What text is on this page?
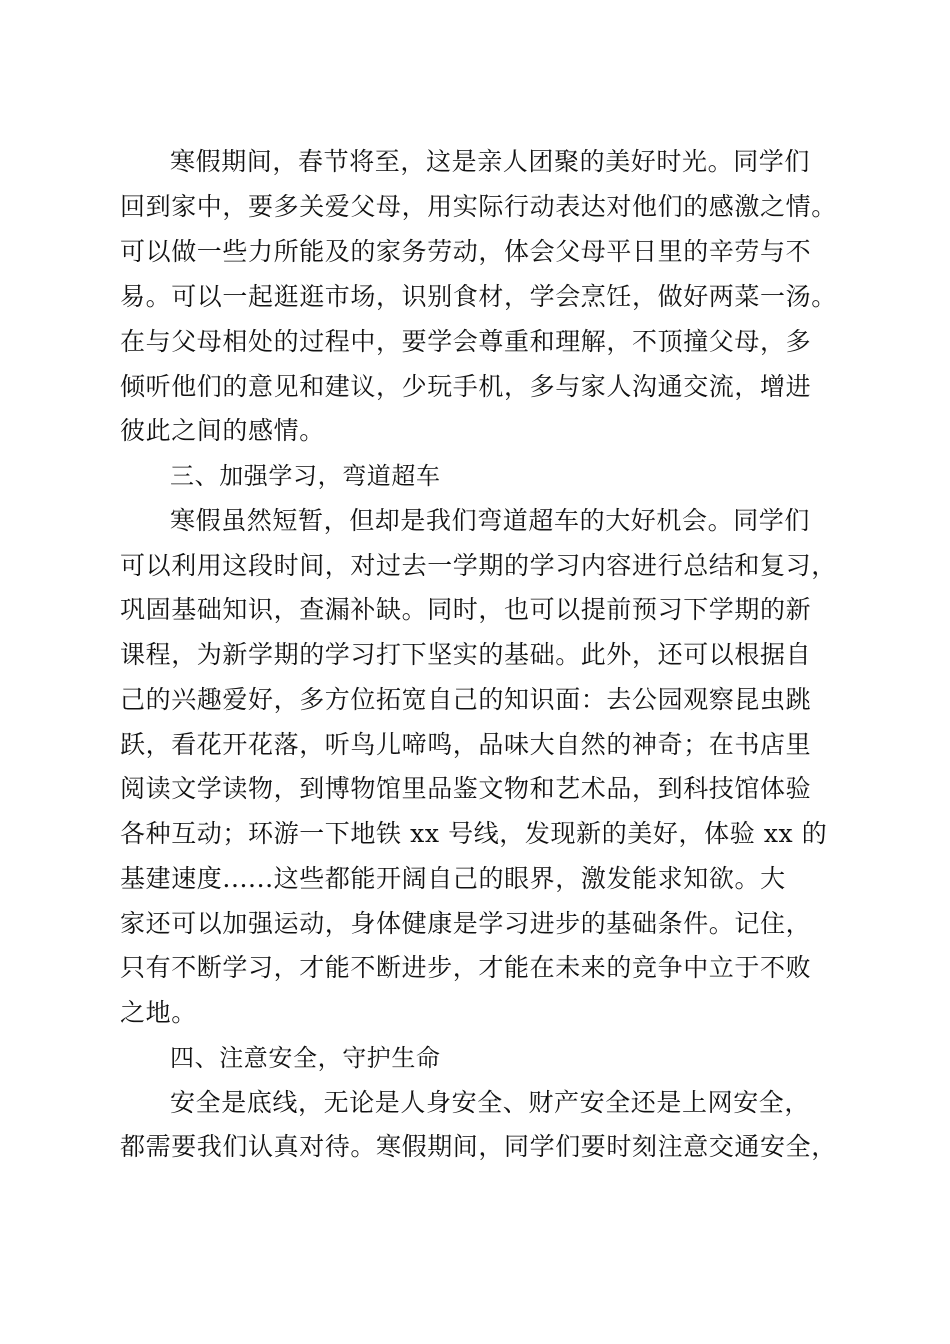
寒假期间，春节将至，这是亲人团聚的美好时光。同学们
回到家中，要多关爱父母，用实际行动表达对他们的感激之情。
可以做一些力所能及的家务劳动，体会父母平日里的辛劳与不
易。可以一起逛逛市场，识别食材，学会烹饪，做好两菜一汤。
在与父母相处的过程中，要学会尊重和理解，不顶撞父母，多
倾听他们的意见和建议，少玩手机，多与家人沟通交流，增进
彼此之间的感情。
三、加强学习，弯道超车
寒假虽然短暂，但却是我们弯道超车的大好机会。同学们
可以利用这段时间，对过去一学期的学习内容进行总结和复习，
巩固基础知识，查漏补缺。同时，也可以提前预习下学期的新
课程，为新学期的学习打下坚实的基础。此外，还可以根据自
己的兴趣爱好，多方位拓宽自己的知识面：去公园观察昆虫跳
跃，看花开花落，听鸟儿啼鸣，品味大自然的神奇；在书店里
阅读文学读物，到博物馆里品鉴文物和艺术品，到科技馆体验
各种互动；环游一下地铁 xx 号线，发现新的美好，体验 xx 的
基建速度......这些都能开阔自己的眼界，激发能求知欲。大
家还可以加强运动，身体健康是学习进步的基础条件。记住，
只有不断学习，才能不断进步，才能在未来的竞争中立于不败
之地。
四、注意安全，守护生命
安全是底线，无论是人身安全、财产安全还是上网安全，
都需要我们认真对待。寒假期间，同学们要时刻注意交通安全，
